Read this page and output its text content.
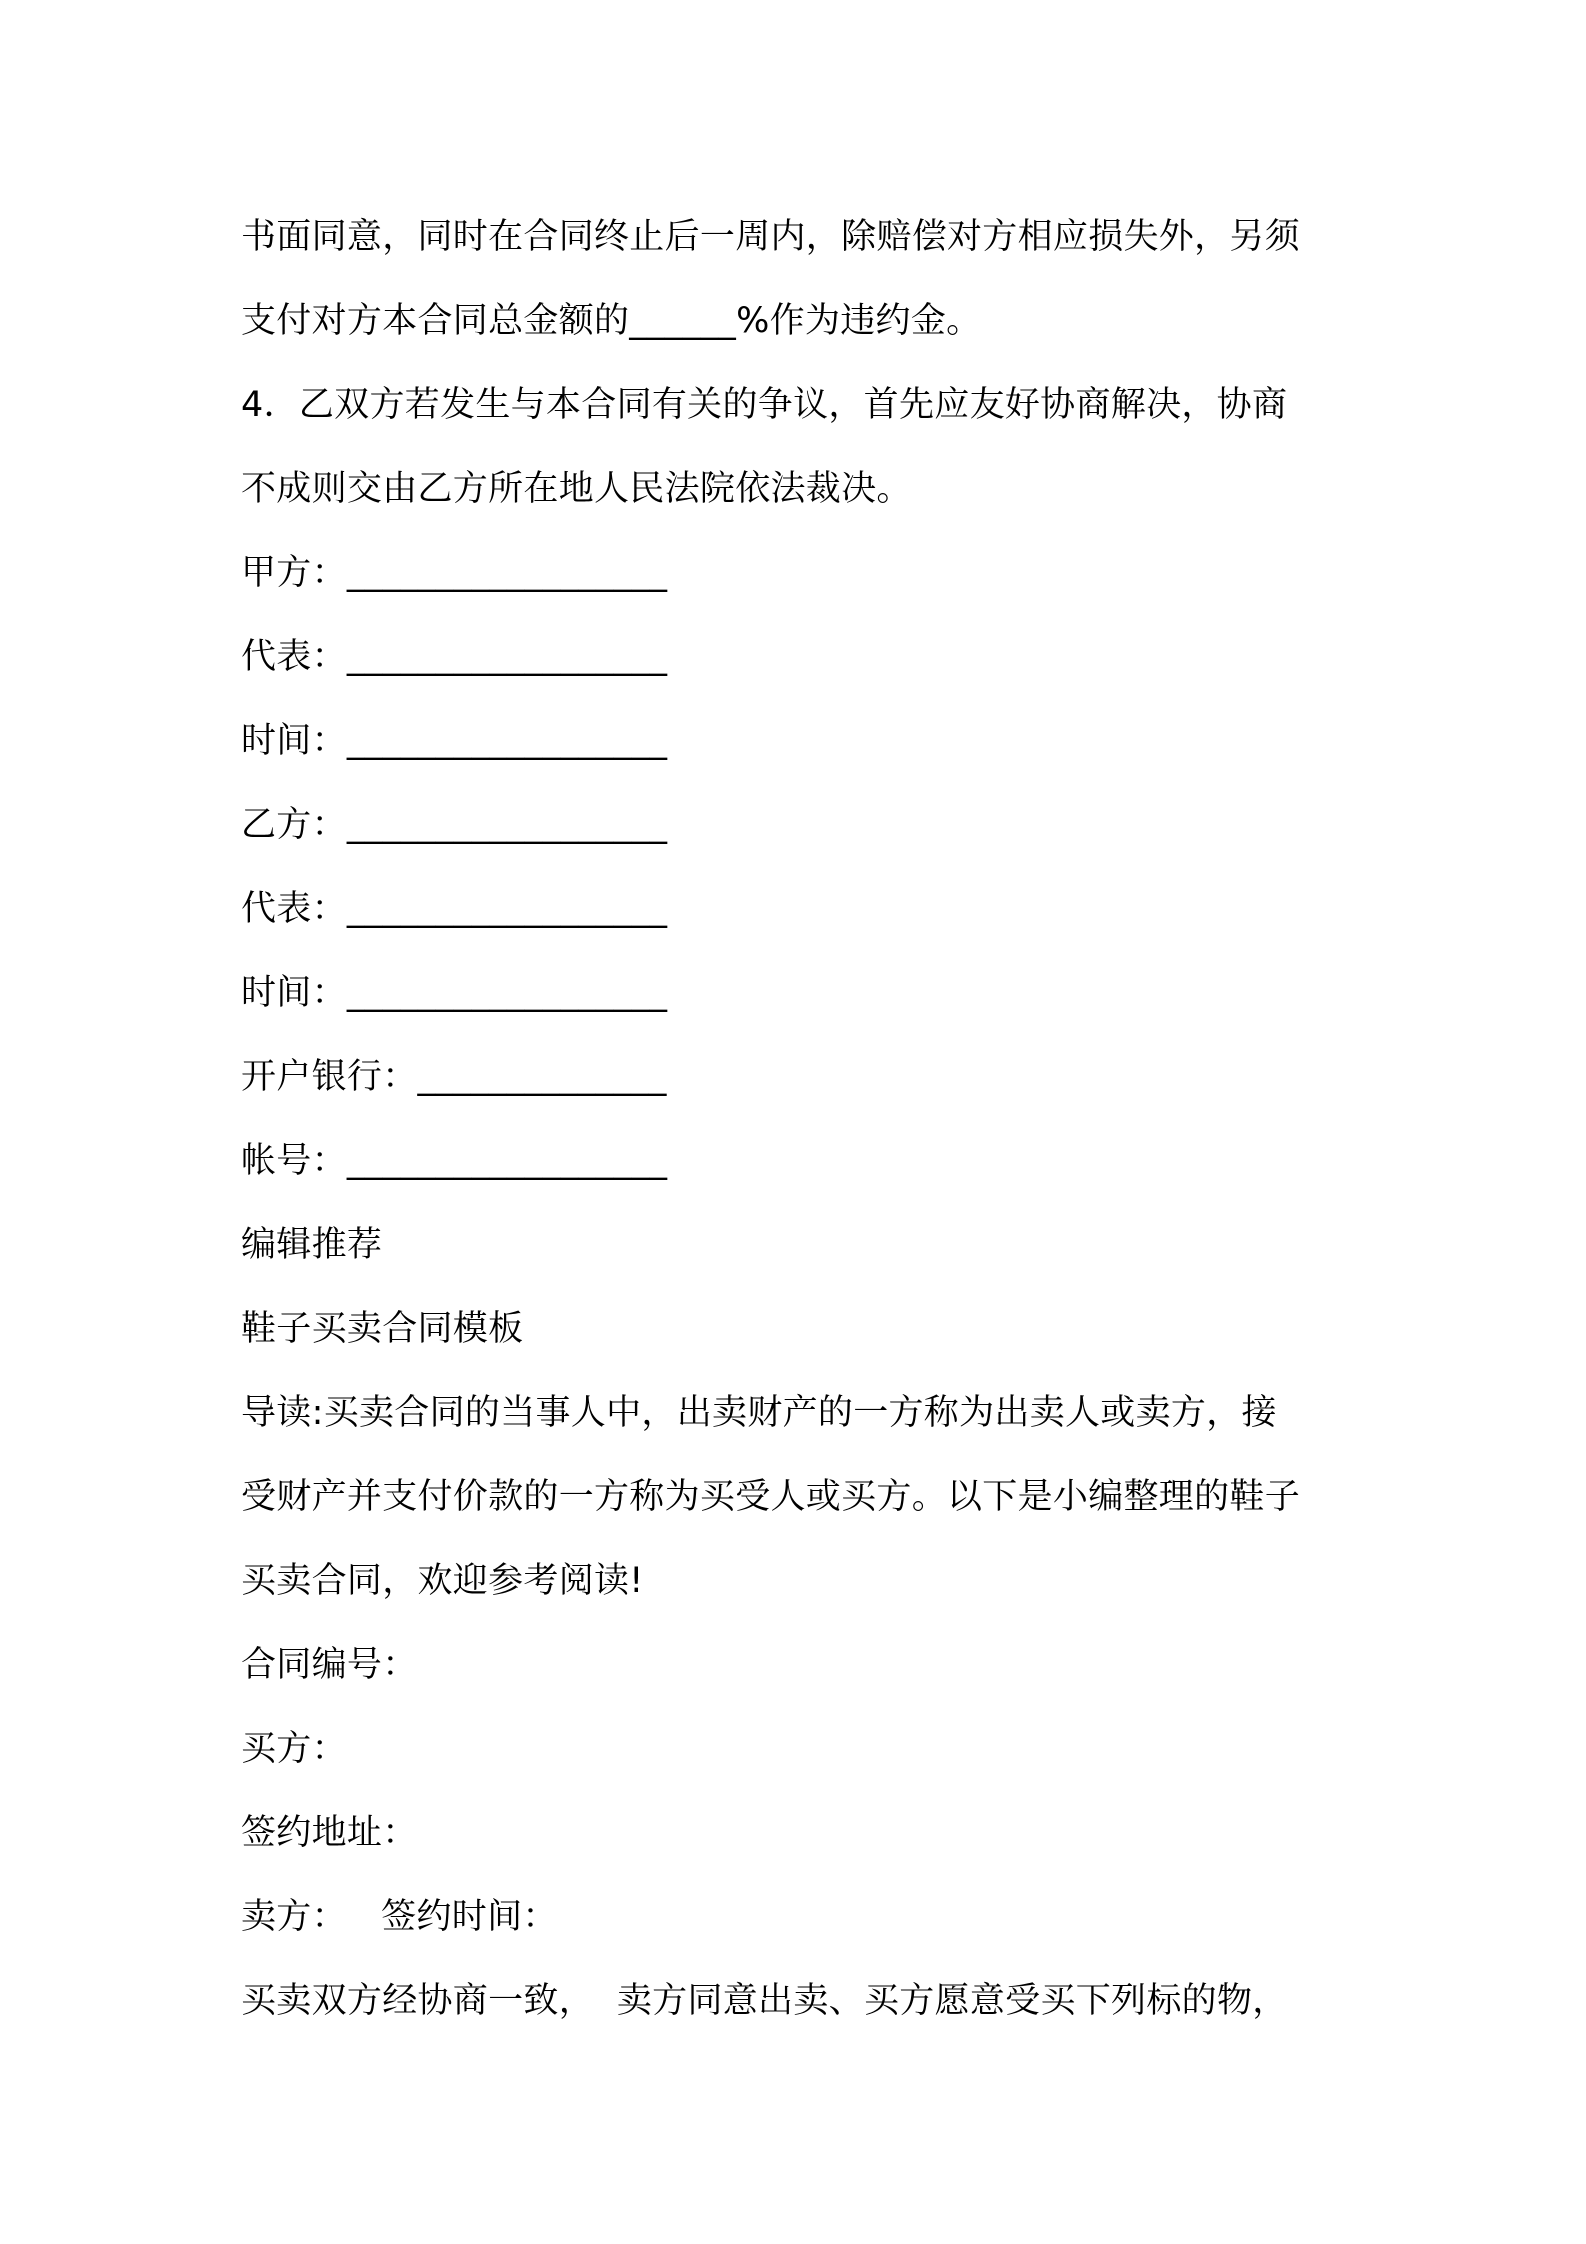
书面同意，同时在合同终止后一周内，除赔偿对方相应损失外，另须
支付对方本合同总金额的______%作为违约金。
4．乙双方若发生与本合同有关的争议，首先应友好协商解决，协商
不成则交由乙方所在地人民法院依法裁决。
甲方：__________________
代表：__________________
时间：__________________
乙方：__________________
代表：__________________
时间：__________________
开户银行：______________
帐号：__________________
编辑推荐
鞋子买卖合同模板
导读:买卖合同的当事人中，出卖财产的一方称为出卖人或卖方，接
受财产并支付价款的一方称为买受人或买方。以下是小编整理的鞋子
买卖合同，欢迎参考阅读!
合同编号：
买方：
签约地址：
卖方：   签约时间：
买卖双方经协商一致，  卖方同意出卖、买方愿意受买下列标的物，
